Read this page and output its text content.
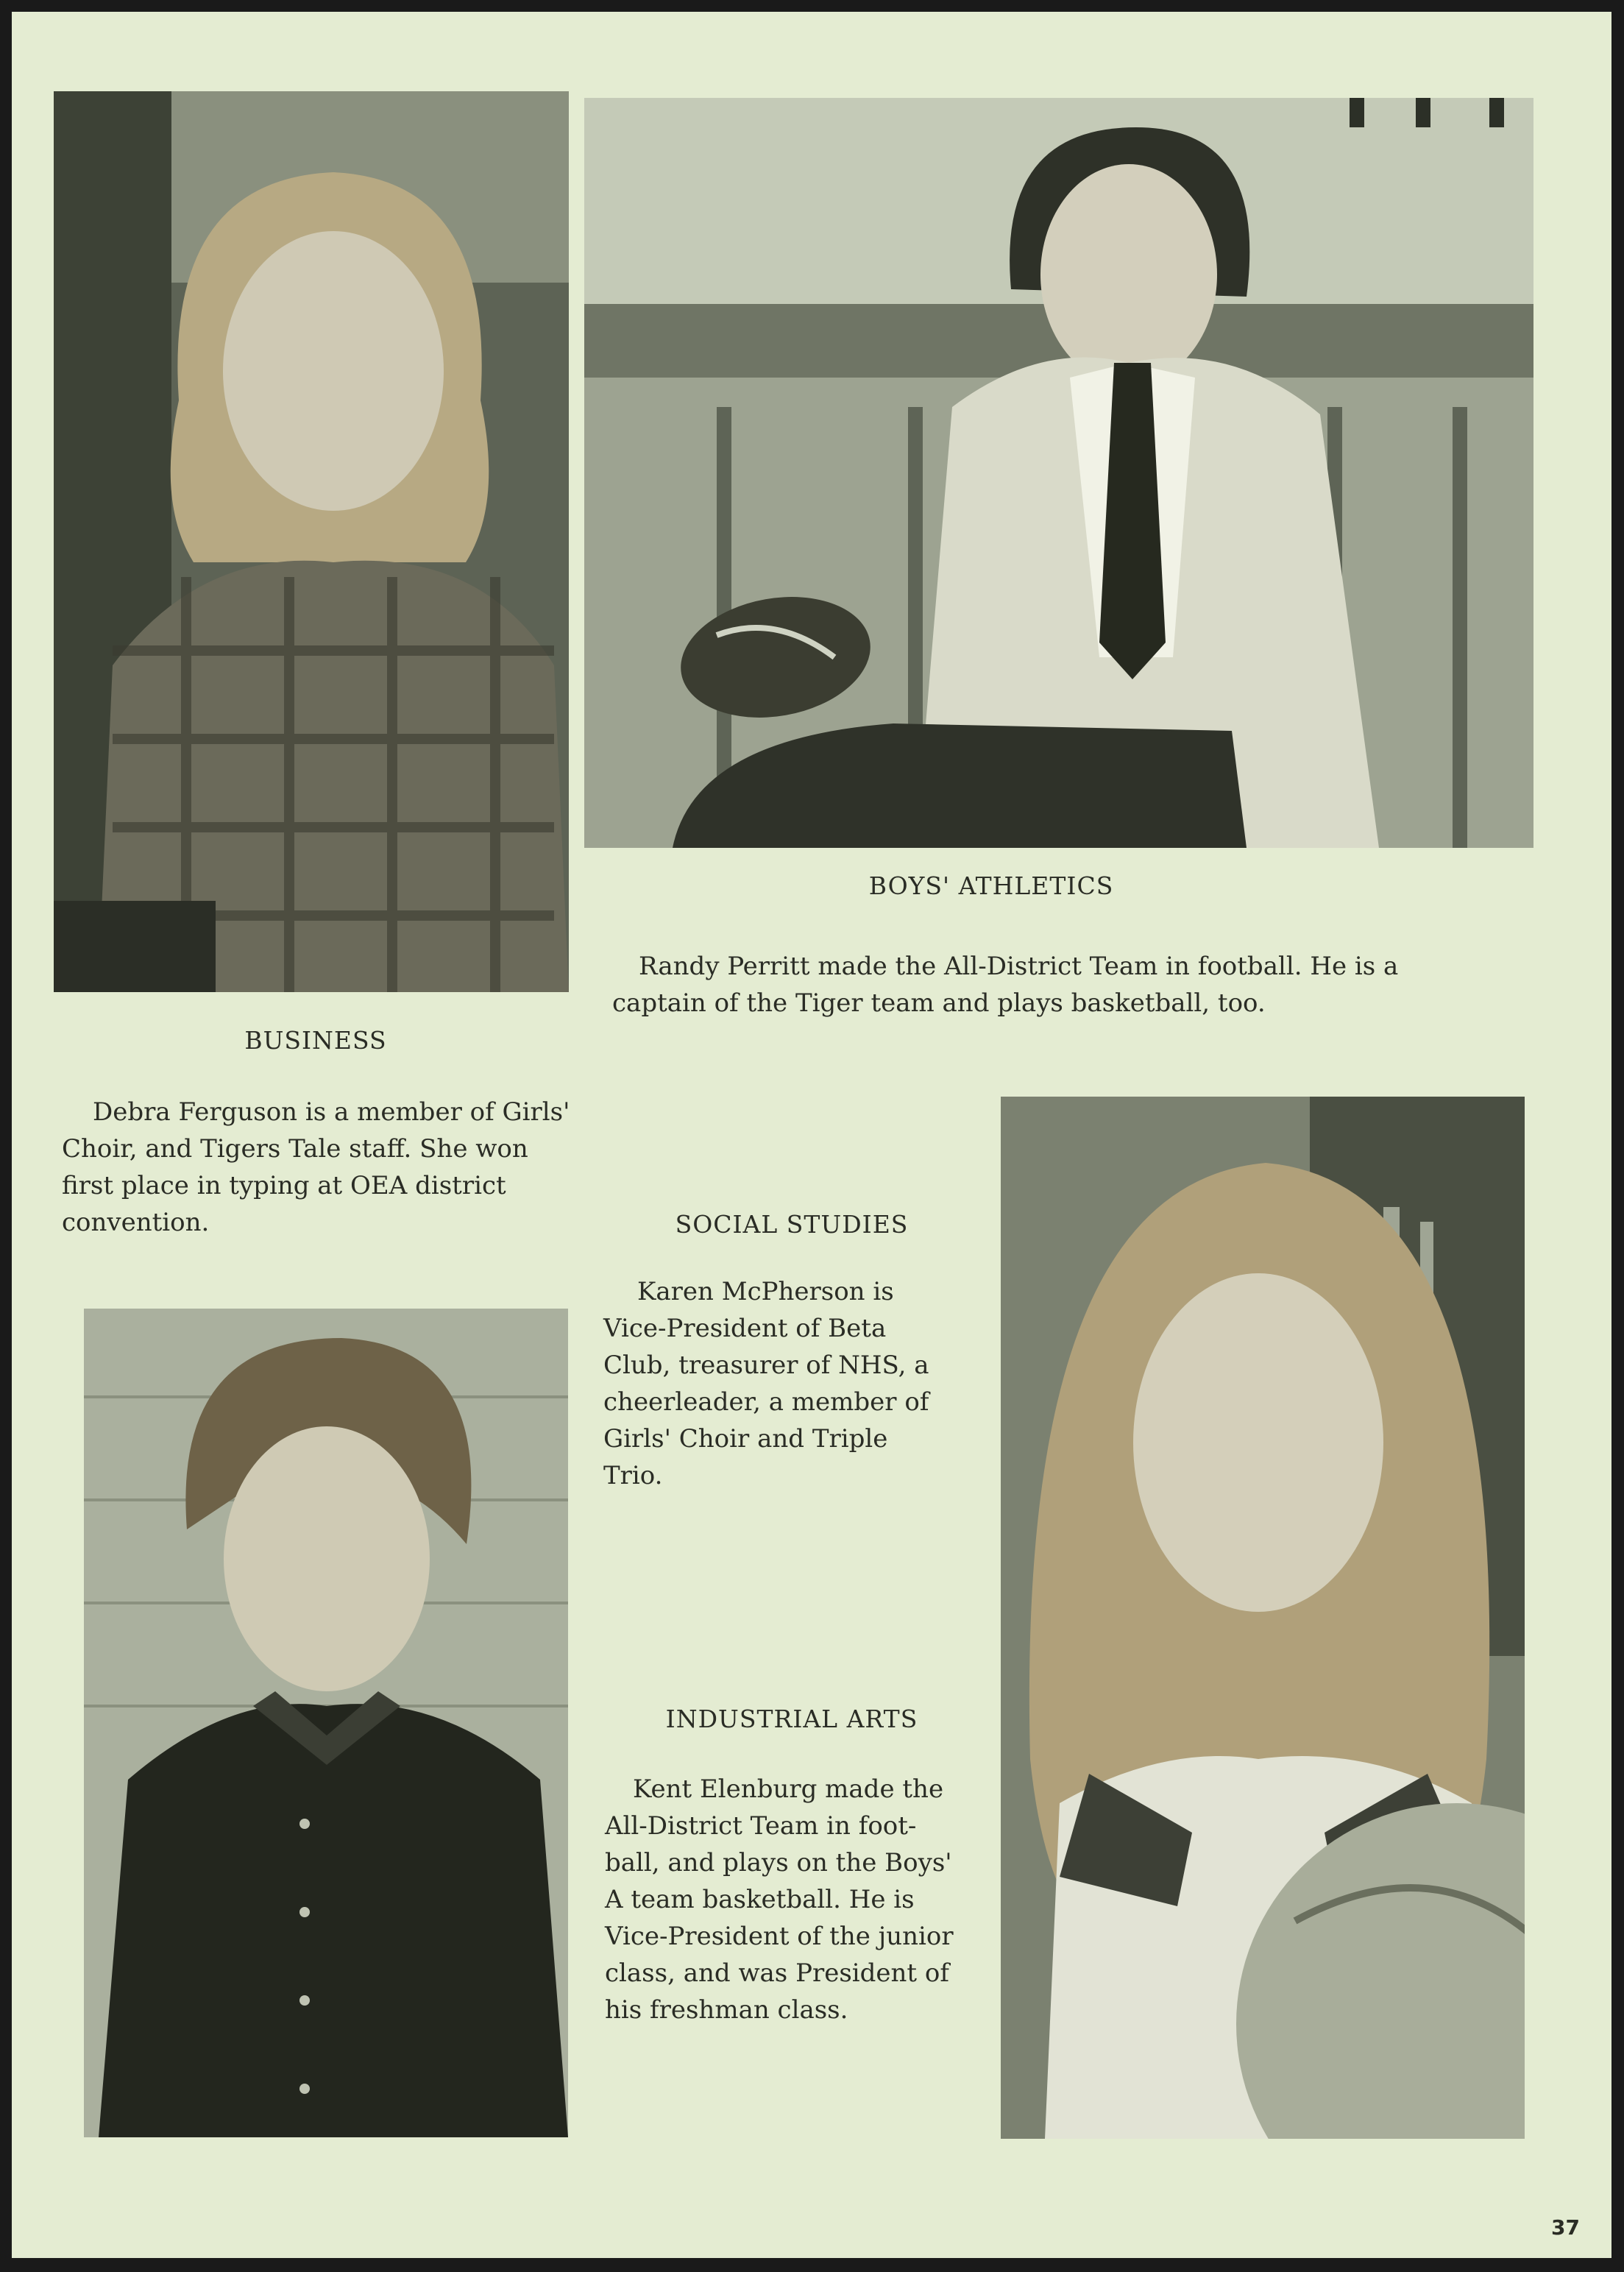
BOYS' ATHLETICS

Randy Perritt made the All-District Team in football. He is a
captain of the Tiger team and plays basketball, too.

BUSINESS

Debra Ferguson is a member of Girls'
Choir, and Tigers Tale staff. She won
first place in typing at OEA district
convention.	SOCIAL STUDIES

Karen McPherson is
Vice-President of Beta
Club, treasurer of NHS, a
cheerleader, a member of
Girls' Choir and Triple
Trio.

INDUSTRIAL ARTS

Kent Elenburg made the
All-District Team in foot-
ball, and plays on the Boys'
A team basketball. He is
Vice-President of the junior
class, and was President of
his freshman class.

37
